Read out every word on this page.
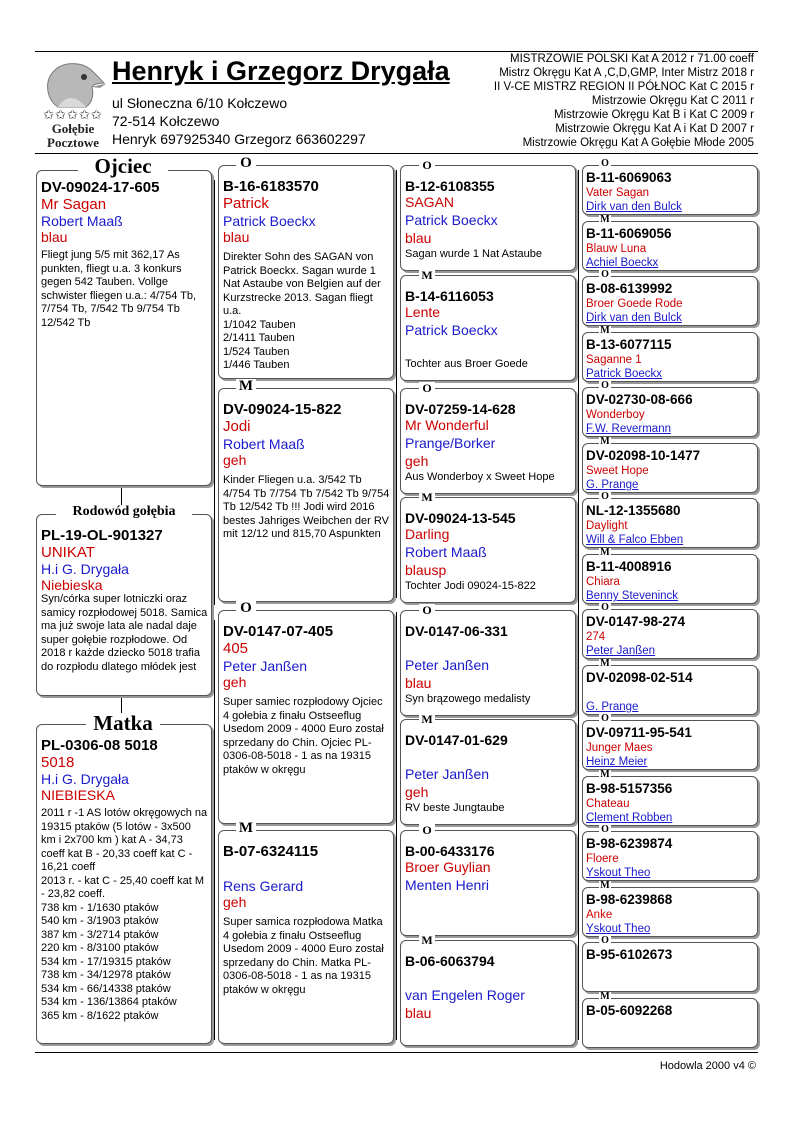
✩✩✩✩✩
Gołębie
Pocztowe
Henryk i Grzegorz Drygała
ul Słoneczna 6/10 Kołczewo
72-514 Kołczewo
Henryk 697925340 Grzegorz 663602297
MISTRZOWIE POLSKI Kat A 2012 r 71.00 coeff
Mistrz Okręgu Kat A ,C,D,GMP, Inter Mistrz 2018 r
II V-CE MISTRZ REGION II PÓŁNOC Kat C 2015 r
Mistrzowie Okręgu Kat C 2011 r
Mistrzowie Okręgu Kat B i Kat C 2009 r
Mistrzowie Okręgu Kat A i Kat D 2007 r
Mistrzowie Okręgu Kat A Gołębie Młode 2005
DV-09024-17-605
Mr Sagan
Robert Maaß
blau
Fliegt jung 5/5 mit 362,17 As punkten, fliegt u.a. 3 konkurs gegen 542 Tauben. Vollge schwister fliegen u.a.: 4/754 Tb, 7/754 Tb, 7/542 Tb 9/754 Tb 12/542 Tb
Ojciec
PL-19-OL-901327
UNIKAT
H.i G. Drygała
Niebieska
Syn/córka super lotniczki oraz samicy rozpłodowej 5018. Samica ma już swoje lata ale nadal daje super gołębie rozpłodowe. Od 2018 r każde dziecko 5018 trafia do rozpłodu dlatego młódek jest
Rodowód gołębia
PL-0306-08 5018
5018
H.i G. Drygała
NIEBIESKA
2011 r -1 AS lotów okręgowych na 19315 ptaków (5 lotów - 3x500 km i 2x700 km ) kat A - 34,73 coeff kat B - 20,33 coeff kat C - 16,21 coeff
2013 r. - kat C - 25,40 coeff kat M - 23,82 coeff.
738 km - 1/1630 ptaków
540 km - 3/1903 ptaków
387 km - 3/2714 ptaków
220 km - 8/3100 ptaków
534 km - 17/19315 ptaków
738 km - 34/12978 ptaków
534 km - 66/14338 ptaków
534 km - 136/13864 ptaków
365 km - 8/1622 ptaków
Matka
B-16-6183570
Patrick
Patrick Boeckx
blau
Direkter Sohn des SAGAN von Patrick Boeckx. Sagan wurde 1 Nat Astaube von Belgien auf der Kurzstrecke 2013. Sagan fliegt u.a.
1/1042 Tauben
2/1411 Tauben
1/524 Tauben
1/446 Tauben
O
DV-09024-15-822
Jodi
Robert Maaß
geh
Kinder Fliegen u.a. 3/542 Tb 4/754 Tb 7/754 Tb 7/542 Tb 9/754 Tb 12/542 Tb !!! Jodi wird 2016 bestes Jahriges Weibchen der RV mit 12/12 und 815,70 Aspunkten
M
DV-0147-07-405
405
Peter Janßen
geh
Super samiec rozpłodowy Ojciec 4 gołebia z finału Ostseeflug Usedom 2009 - 4000 Euro został sprzedany do Chin. Ojciec PL-0306-08-5018 - 1 as na 19315 ptaków w okręgu
O
B-07-6324115
Rens Gerard
geh
Super samica rozpłodowa Matka 4 gołebia z finału Ostseeflug Usedom 2009 - 4000 Euro został sprzedany do Chin. Matka PL-0306-08-5018 - 1 as na 19315 ptaków w okręgu
M
B-12-6108355
SAGAN
Patrick Boeckx
blau
Sagan wurde 1 Nat Astaube
O
B-14-6116053
Lente
Patrick Boeckx
Tochter aus Broer Goede
M
DV-07259-14-628
Mr Wonderful
Prange/Borker
geh
Aus Wonderboy x Sweet Hope
O
DV-09024-13-545
Darling
Robert Maaß
blausp
Tochter Jodi 09024-15-822
M
DV-0147-06-331
Peter Janßen
blau
Syn brązowego medalisty
O
DV-0147-01-629
Peter Janßen
geh
RV beste Jungtaube
M
B-00-6433176
Broer Guylian
Menten Henri
O
B-06-6063794
van Engelen Roger
blau
M
B-11-6069063
Vater Sagan
Dirk van den Bulck
O
B-11-6069056
Blauw Luna
Achiel Boeckx
M
B-08-6139992
Broer Goede Rode
Dirk van den Bulck
O
B-13-6077115
Saganne 1
Patrick Boeckx
M
DV-02730-08-666
Wonderboy
F.W. Revermann
O
DV-02098-10-1477
Sweet Hope
G. Prange
M
NL-12-1355680
Daylight
Will & Falco Ebben
O
B-11-4008916
Chiara
Benny Steveninck
M
DV-0147-98-274
274
Peter Janßen
O
DV-02098-02-514
G. Prange
M
DV-09711-95-541
Junger Maes
Heinz Meier
O
B-98-5157356
Chateau
Clement Robben
M
B-98-6239874
Floere
Yskout Theo
O
B-98-6239868
Anke
Yskout Theo
M
B-95-6102673
O
B-05-6092268
M
Hodowla 2000 v4 ©
